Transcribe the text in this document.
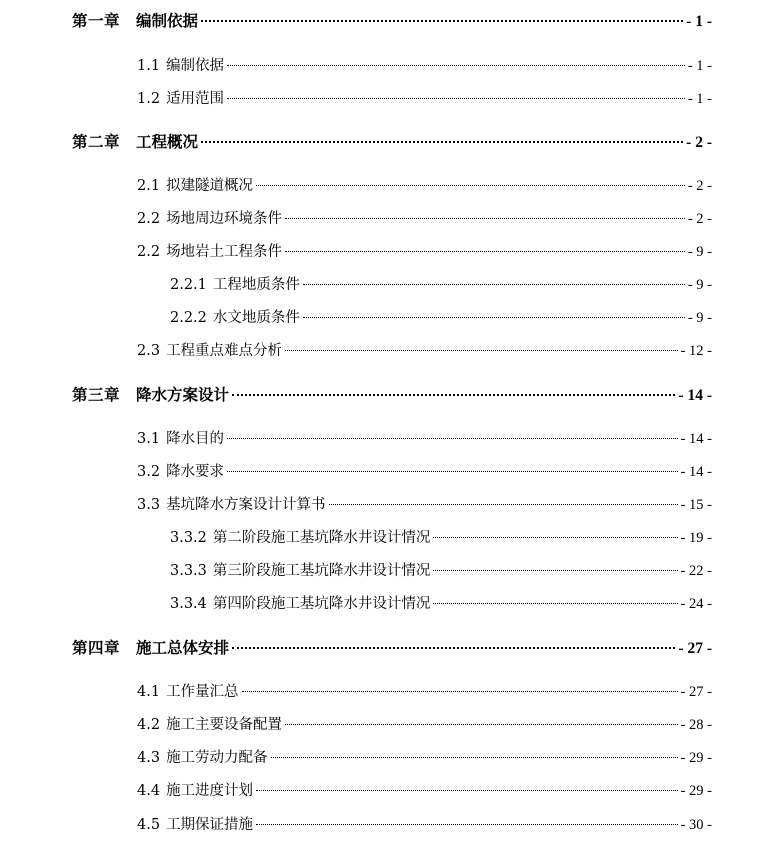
第一章 编制依据	- 1 -
1.1 编制依据	- 1 -
1.2 适用范围	- 1 -
第二章 工程概况	- 2 -
2.1 拟建隧道概况	- 2 -
2.2 场地周边环境条件	- 2 -
2.2 场地岩土工程条件	- 9 -
2.2.1 工程地质条件	- 9 -
2.2.2 水文地质条件	- 9 -
2.3 工程重点难点分析	- 12 -
第三章 降水方案设计	- 14 -
3.1 降水目的	- 14 -
3.2 降水要求	- 14 -
3.3 基坑降水方案设计计算书	- 15 -
3.3.2 第二阶段施工基坑降水井设计情况	- 19 -
3.3.3 第三阶段施工基坑降水井设计情况	- 22 -
3.3.4 第四阶段施工基坑降水井设计情况	- 24 -
第四章 施工总体安排	- 27 -
4.1 工作量汇总	- 27 -
4.2 施工主要设备配置	- 28 -
4.3 施工劳动力配备	- 29 -
4.4 施工进度计划	- 29 -
4.5 工期保证措施	- 30 -
